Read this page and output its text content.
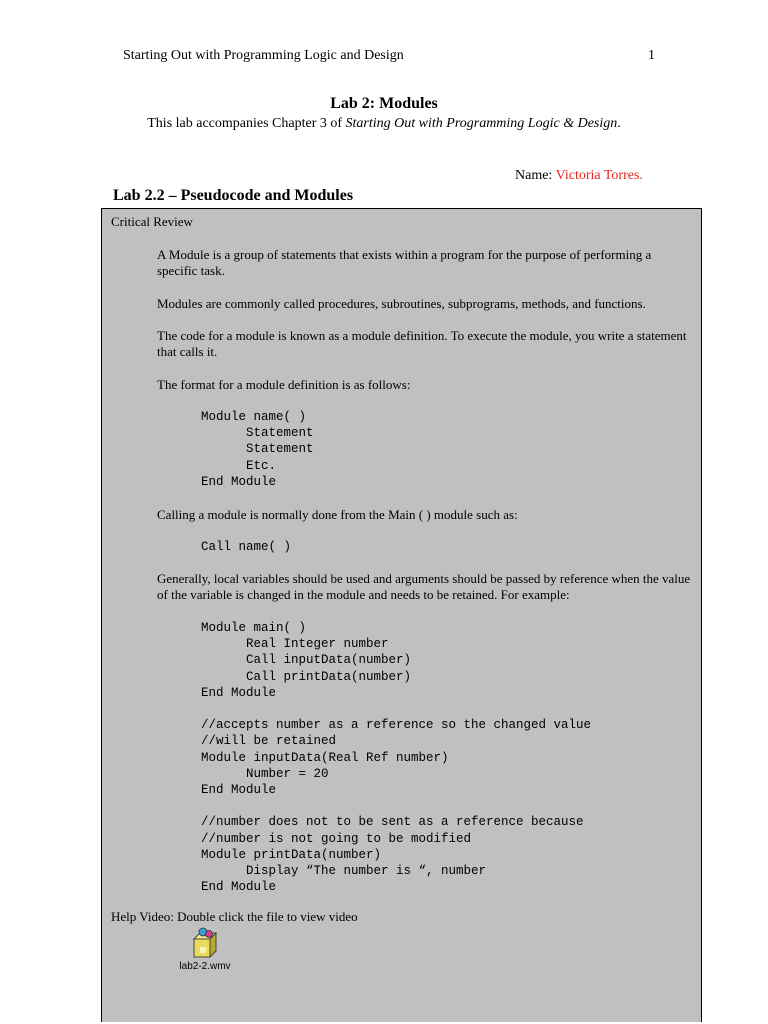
Starting Out with Programming Logic and Design	1
Lab 2: Modules
This lab accompanies Chapter 3 of Starting Out with Programming Logic & Design.
Name: Victoria Torres.
Lab 2.2 – Pseudocode and Modules
Critical Review
A Module is a group of statements that exists within a program for the purpose of performing a specific task.
Modules are commonly called procedures, subroutines, subprograms, methods, and functions.
The code for a module is known as a module definition. To execute the module, you write a statement that calls it.
The format for a module definition is as follows:
Module name( )
Statement
Statement
Etc.
End Module
Calling a module is normally done from the Main ( ) module such as:
Call name( )
Generally, local variables should be used and arguments should be passed by reference when the value of the variable is changed in the module and needs to be retained. For example:
Module main( )
Real Integer number
Call inputData(number)
Call printData(number)
End Module

//accepts number as a reference so the changed value
//will be retained
Module inputData(Real Ref number)
Number = 20
End Module

//number does not to be sent as a reference because
//number is not going to be modified
Module printData(number)
Display “The number is “, number
End Module
Help Video: Double click the file to view video
lab2-2.wmv
